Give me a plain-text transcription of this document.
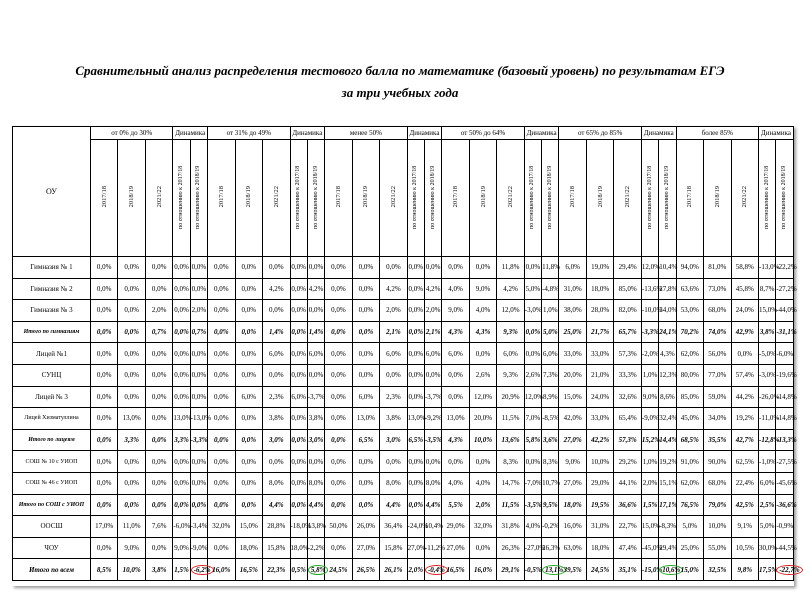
Сравнительный анализ распределения тестового балла по математике (базовый уровень) по результатам ЕГЭ
за три учебных года
ОУ	от 0% до 30%			Динамика		от 31% до 49%			Динамика		менее 50%			Динамика		от 50% до 64%			Динамика		от 65% до 85%			Динамика		более 85%			Динамика	
	2017/18	2018/19	2021/22	по отношению к 2017/18	по отношению к 2018/19	2017/18	2018/19	2021/22	по отношению к 2017/18	по отношению к 2018/19	2017/18	2018/19	2021/22	по отношению к 2017/18	по отношению к 2018/19	2017/18	2018/19	2021/22	по отношению к 2017/18	по отношению к 2018/19	2017/18	2018/19	2021/22	по отношению к 2017/18	по отношению к 2018/19	2017/18	2018/19	2021/22	по отношению к 2017/18	по отношению к 2018/19
Гимназия № 1	0,0%	0,0%	0,0%	0,0%	0,0%	0,0%	0,0%	0,0%	0,0%	0,0%	0,0%	0,0%	0,0%	0,0%	0,0%	0,0%	0,0%	11,8%	0,0%	11,8%	6,0%	19,0%	29,4%	12,0%	10,4%	94,0%	81,0%	58,8%	-13,0%	-22,2%
Гимназия № 2	0,0%	0,0%	0,0%	0,0%	0,0%	0,0%	0,0%	4,2%	0,0%	4,2%	0,0%	0,0%	4,2%	0,0%	4,2%	4,0%	9,0%	4,2%	5,0%	-4,8%	31,0%	18,0%	85,0%	-13,6%	27,8%	63,6%	73,0%	45,8%	8,7%	-27,2%
Гимназия № 3	0,0%	0,0%	2,0%	0,0%	2,0%	0,0%	0,0%	0,0%	0,0%	0,0%	0,0%	0,0%	2,0%	0,0%	2,0%	9,0%	4,0%	12,0%	-3,0%	1,0%	38,0%	28,0%	82,0%	-10,0%	34,0%	53,0%	68,0%	24,0%	15,0%	-44,0%
Итого по гимназиям	0,0%	0,0%	0,7%	0,0%	0,7%	0,0%	0,0%	1,4%	0,0%	1,4%	0,0%	0,0%	2,1%	0,0%	2,1%	4,3%	4,3%	9,3%	0,0%	5,0%	25,0%	21,7%	65,7%	-3,3%	24,1%	70,2%	74,0%	42,9%	3,8%	-31,1%
Лицей №1	0,0%	0,0%	0,0%	0,0%	0,0%	0,0%	0,0%	6,0%	0,0%	6,0%	0,0%	0,0%	6,0%	0,0%	6,0%	6,0%	0,0%	6,0%	0,0%	6,0%	33,0%	33,0%	57,3%	-2,0%	4,3%	62,0%	56,0%	0,0%	-5,0%	-6,0%
СУНЦ	0,0%	0,0%	0,0%	0,0%	0,0%	0,0%	0,0%	0,0%	0,0%	0,0%	0,0%	0,0%	0,0%	0,0%	0,0%	0,0%	2,6%	9,3%	2,6%	7,3%	20,0%	21,0%	33,3%	1,0%	12,3%	80,0%	77,0%	57,4%	-3,0%	-19,6%
Лицей № 3	0,0%	0,0%	0,0%	0,0%	0,0%	0,0%	6,0%	2,3%	6,0%	-3,7%	0,0%	6,0%	2,3%	0,0%	-3,7%	0,0%	12,0%	20,9%	12,0%	8,9%	15,0%	24,0%	32,6%	9,0%	8,6%	85,0%	59,0%	44,2%	-26,0%	-14,8%
Лицей Хизматуллина	0,0%	13,0%	0,0%	13,0%	-13,0%	0,0%	0,0%	3,8%	0,0%	3,8%	0,0%	13,0%	3,8%	13,0%	-9,2%	13,0%	20,0%	11,5%	7,0%	-8,5%	42,0%	33,0%	65,4%	-9,0%	32,4%	45,0%	34,0%	19,2%	-11,0%	-14,8%
Итого по лицеям	0,0%	3,3%	0,0%	3,3%	-3,3%	0,0%	0,0%	3,0%	0,0%	3,0%	0,0%	6,5%	3,0%	6,5%	-3,5%	4,3%	10,0%	13,6%	5,8%	3,6%	27,0%	42,2%	57,3%	15,2%	14,4%	68,5%	35,5%	42,7%	-12,8%	-13,3%
СОШ № 10 с УИОП	0,0%	0,0%	0,0%	0,0%	0,0%	0,0%	0,0%	0,0%	0,0%	0,0%	0,0%	0,0%	0,0%	0,0%	0,0%	0,0%	0,0%	8,3%	0,0%	8,3%	9,0%	10,0%	29,2%	1,0%	19,2%	91,0%	90,0%	62,5%	-1,0%	-27,5%
СОШ № 46 с УИОП	0,0%	0,0%	0,0%	0,0%	0,0%	0,0%	0,0%	8,0%	0,0%	8,0%	0,0%	0,0%	8,0%	0,0%	8,0%	4,0%	4,0%	14,7%	-7,0%	10,7%	27,0%	29,0%	44,1%	2,0%	15,1%	62,0%	68,0%	22,4%	6,0%	-45,6%
Итого по СОШ с УИОП	0,0%	0,0%	0,0%	0,0%	0,0%	0,0%	0,0%	4,4%	0,0%	4,4%	0,0%	0,0%	4,4%	0,0%	4,4%	5,5%	2,0%	11,5%	-3,5%	9,5%	18,0%	19,5%	36,6%	1,5%	17,1%	76,5%	79,0%	42,5%	2,5%	-36,6%
ООСШ	17,0%	11,0%	7,6%	-6,0%	-3,4%	32,0%	15,0%	28,8%	-18,0%	13,8%	50,0%	26,0%	36,4%	-24,0%	10,4%	29,0%	32,0%	31,8%	4,0%	-0,2%	16,0%	31,0%	22,7%	15,0%	-8,3%	5,0%	10,0%	9,1%	5,0%	-0,9%
ЧОУ	0,0%	9,0%	0,0%	9,0%	-9,0%	0,0%	18,0%	15,8%	18,0%	-2,2%	0,0%	27,0%	15,8%	27,0%	-11,2%	27,0%	0,0%	26,3%	-27,0%	26,3%	63,0%	18,0%	47,4%	-45,0%	29,4%	25,0%	55,0%	10,5%	30,0%	-44,5%
Итого по всем	8,5%	10,0%	3,8%	1,5%	-6,2%	16,0%	16,5%	22,3%	0,5%	5,8%	24,5%	26,5%	26,1%	2,0%	-0,4%	16,5%	16,0%	29,1%	-0,5%	13,1%	39,5%	24,5%	35,1%	-15,0%	10,6%	15,0%	32,5%	9,8%	17,5%	-22,7%
